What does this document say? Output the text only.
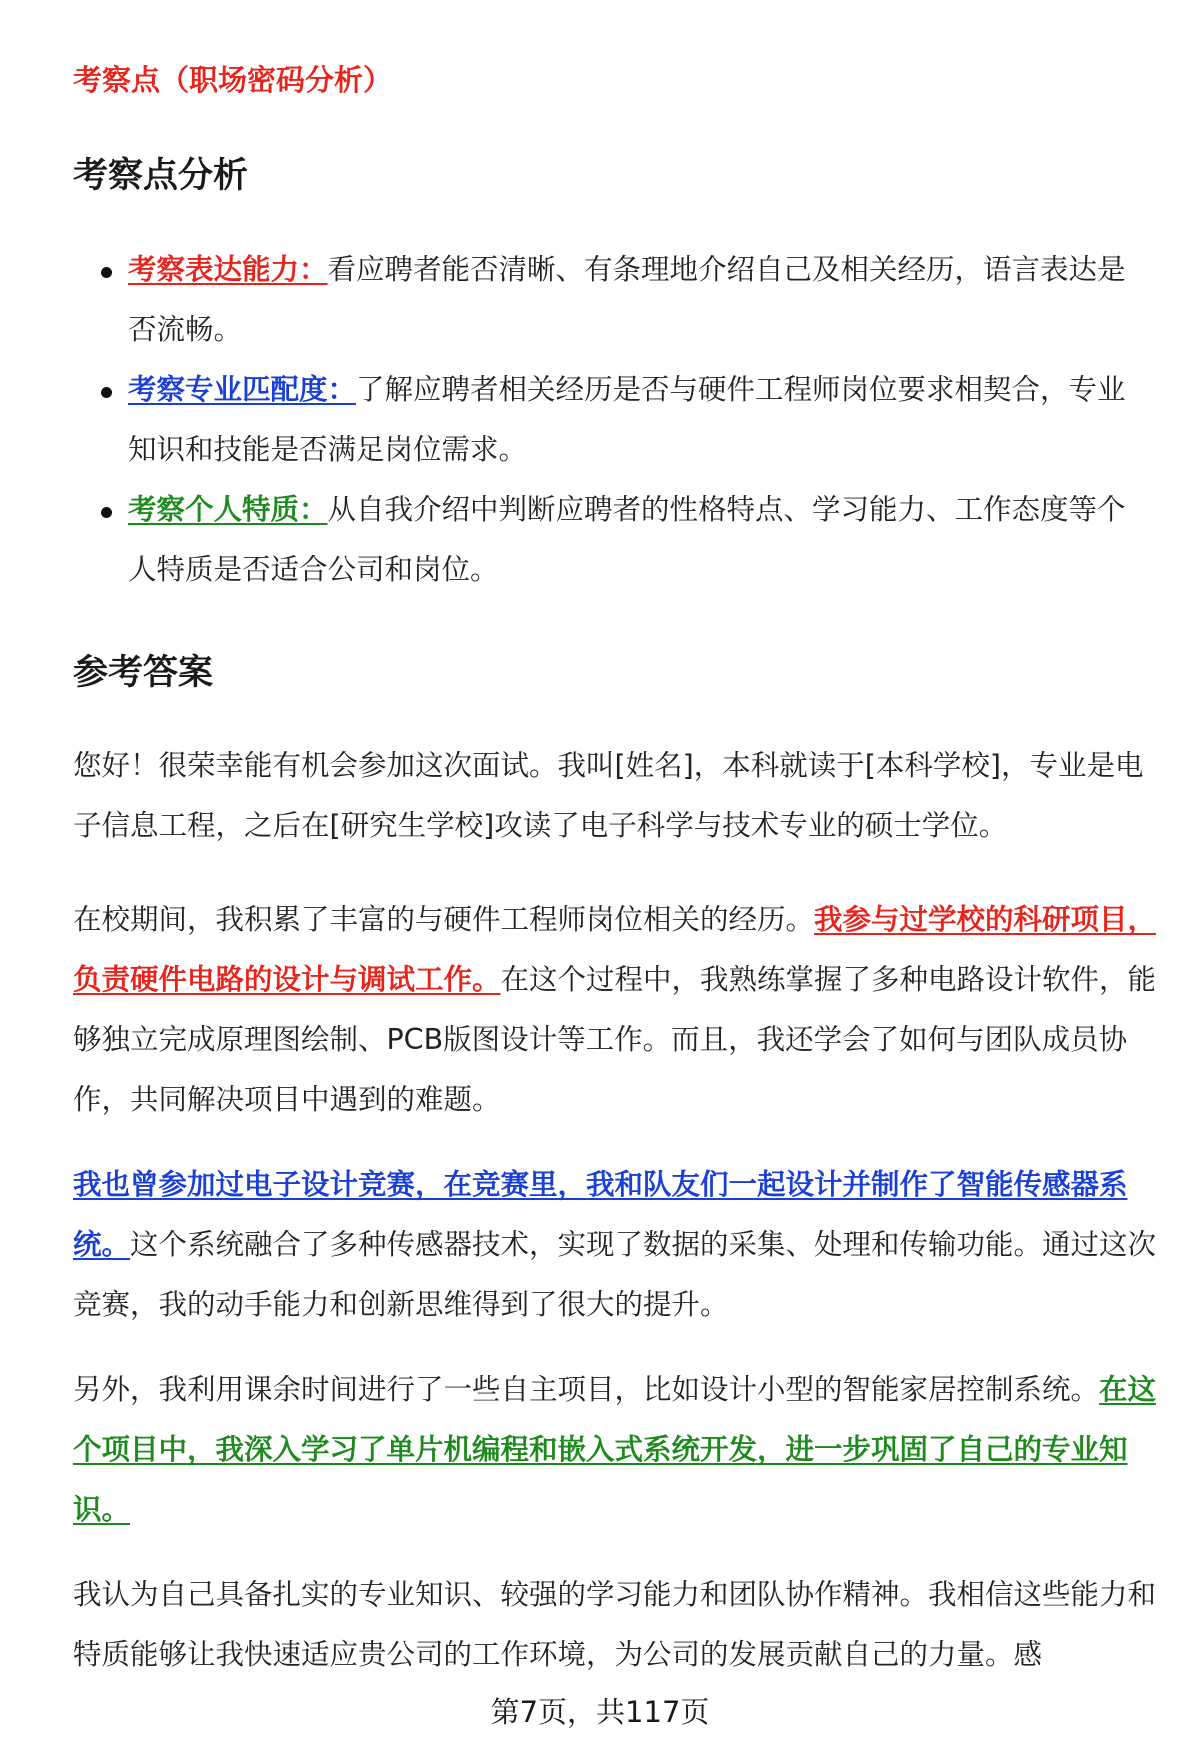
考察点（职场密码分析）
考察点分析
考察表达能力：看应聘者能否清晰、有条理地介绍自己及相关经历，语言表达是否流畅。
考察专业匹配度：了解应聘者相关经历是否与硬件工程师岗位要求相契合，专业知识和技能是否满足岗位需求。
考察个人特质：从自我介绍中判断应聘者的性格特点、学习能力、工作态度等个人特质是否适合公司和岗位。
参考答案

您好！很荣幸能有机会参加这次面试。我叫[姓名]，本科就读于[本科学校]，专业是电子信息工程，之后在[研究生学校]攻读了电子科学与技术专业的硕士学位。

在校期间，我积累了丰富的与硬件工程师岗位相关的经历。我参与过学校的科研项目，负责硬件电路的设计与调试工作。在这个过程中，我熟练掌握了多种电路设计软件，能够独立完成原理图绘制、PCB版图设计等工作。而且，我还学会了如何与团队成员协作，共同解决项目中遇到的难题。

我也曾参加过电子设计竞赛，在竞赛里，我和队友们一起设计并制作了智能传感器系统。这个系统融合了多种传感器技术，实现了数据的采集、处理和传输功能。通过这次竞赛，我的动手能力和创新思维得到了很大的提升。

另外，我利用课余时间进行了一些自主项目，比如设计小型的智能家居控制系统。在这个项目中，我深入学习了单片机编程和嵌入式系统开发，进一步巩固了自己的专业知识。

我认为自己具备扎实的专业知识、较强的学习能力和团队协作精神。我相信这些能力和特质能够让我快速适应贵公司的工作环境，为公司的发展贡献自己的力量。感

第7页，共117页
